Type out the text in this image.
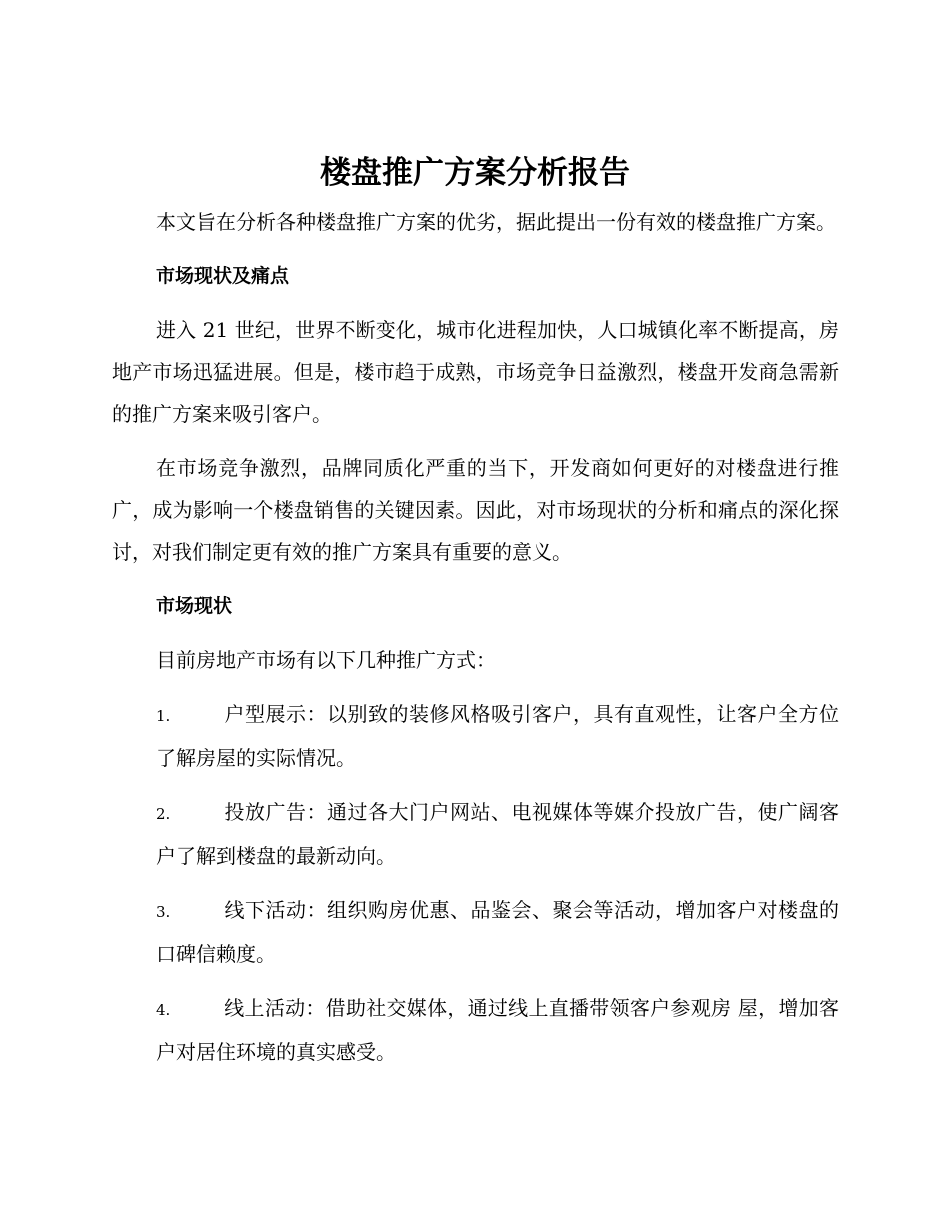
楼盘推广方案分析报告

本文旨在分析各种楼盘推广方案的优劣，据此提出一份有效的楼盘推广方案。

市场现状及痛点

进入 21 世纪，世界不断变化，城市化进程加快，人口城镇化率不断提高，房地产市场迅猛进展。但是，楼市趋于成熟，市场竞争日益激烈，楼盘开发商急需新的推广方案来吸引客户。

在市场竞争激烈，品牌同质化严重的当下，开发商如何更好的对楼盘进行推广，成为影响一个楼盘销售的关键因素。因此，对市场现状的分析和痛点的深化探讨，对我们制定更有效的推广方案具有重要的意义。

市场现状

目前房地产市场有以下几种推广方式：

1.	户型展示：以别致的装修风格吸引客户，具有直观性，让客户全方位了解房屋的实际情况。

2.	投放广告：通过各大门户网站、电视媒体等媒介投放广告，使广阔客户了解到楼盘的最新动向。

3.	线下活动：组织购房优惠、品鉴会、聚会等活动，增加客户对楼盘的口碑信赖度。

4.	线上活动：借助社交媒体，通过线上直播带领客户参观房 屋，增加客户对居住环境的真实感受。
